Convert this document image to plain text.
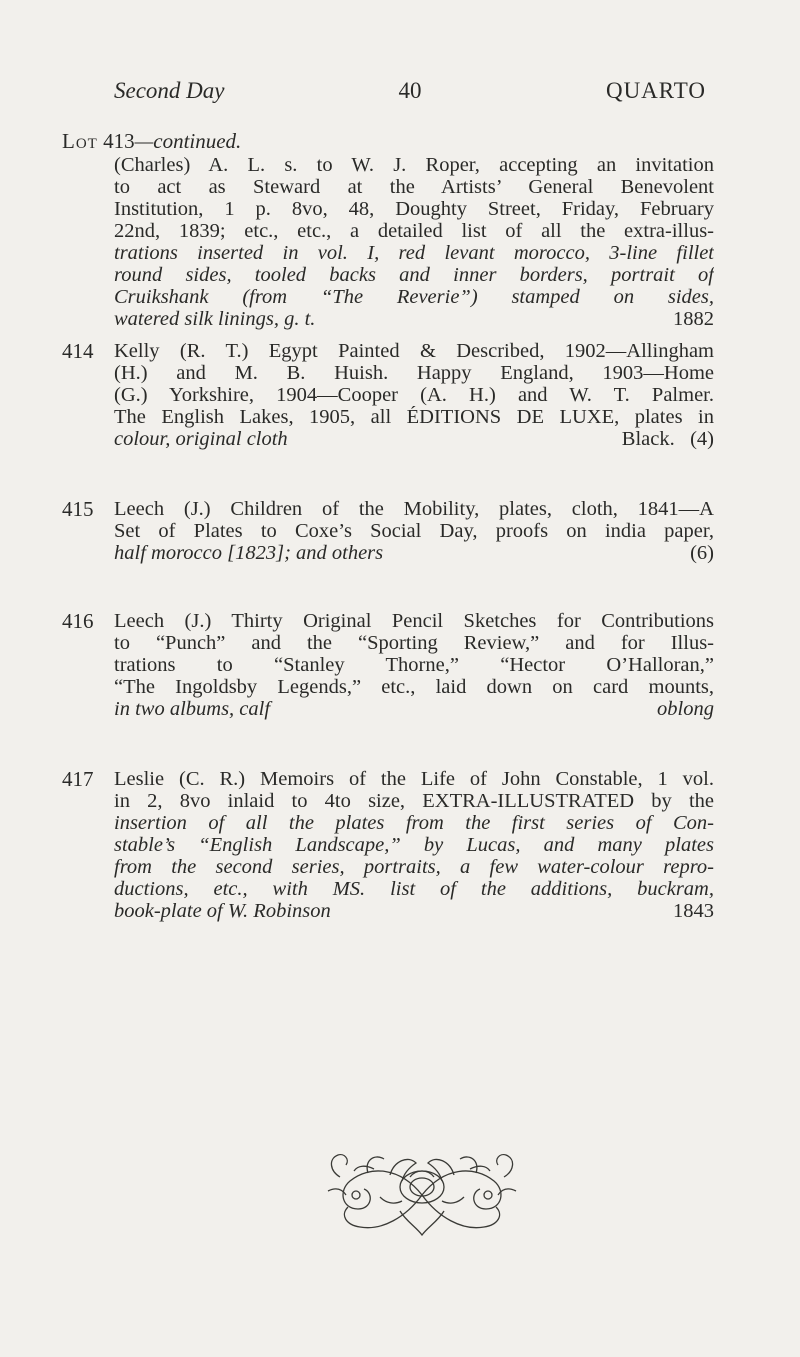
Second Day	40	QUARTO
Lot 413—continued.
(Charles) A. L. s. to W. J. Roper, accepting an invitation
to act as Steward at the Artists’ General Benevolent
Institution, 1 p. 8vo, 48, Doughty Street, Friday, February
22nd, 1839; etc., etc., a detailed list of all the extra-illus-
trations inserted in vol. I, red levant morocco, 3-line fillet
round sides, tooled backs and inner borders, portrait of
Cruikshank (from “The Reverie”) stamped on sides,
watered silk linings, g. t.	1882
414 Kelly (R. T.) Egypt Painted & Described, 1902—Allingham
(H.) and M. B. Huish. Happy England, 1903—Home
(G.) Yorkshire, 1904—Cooper (A. H.) and W. T. Palmer.
The English Lakes, 1905, all ÉDITIONS DE LUXE, plates in
colour, original cloth	Black.   (4)
415 Leech (J.) Children of the Mobility, plates, cloth, 1841—A
Set of Plates to Coxe’s Social Day, proofs on india paper,
half morocco [1823]; and others	(6)
416 Leech (J.) Thirty Original Pencil Sketches for Contributions
to “Punch” and the “Sporting Review,” and for Illus-
trations to “Stanley Thorne,” “Hector O’Halloran,”
“The Ingoldsby Legends,” etc., laid down on card mounts,
in two albums, calf	oblong
417 Leslie (C. R.) Memoirs of the Life of John Constable, 1 vol.
in 2, 8vo inlaid to 4to size, EXTRA-ILLUSTRATED by the
insertion of all the plates from the first series of Con-
stable’s “English Landscape,” by Lucas, and many plates
from the second series, portraits, a few water-colour repro-
ductions, etc., with MS. list of the additions, buckram,
book-plate of W. Robinson	1843
